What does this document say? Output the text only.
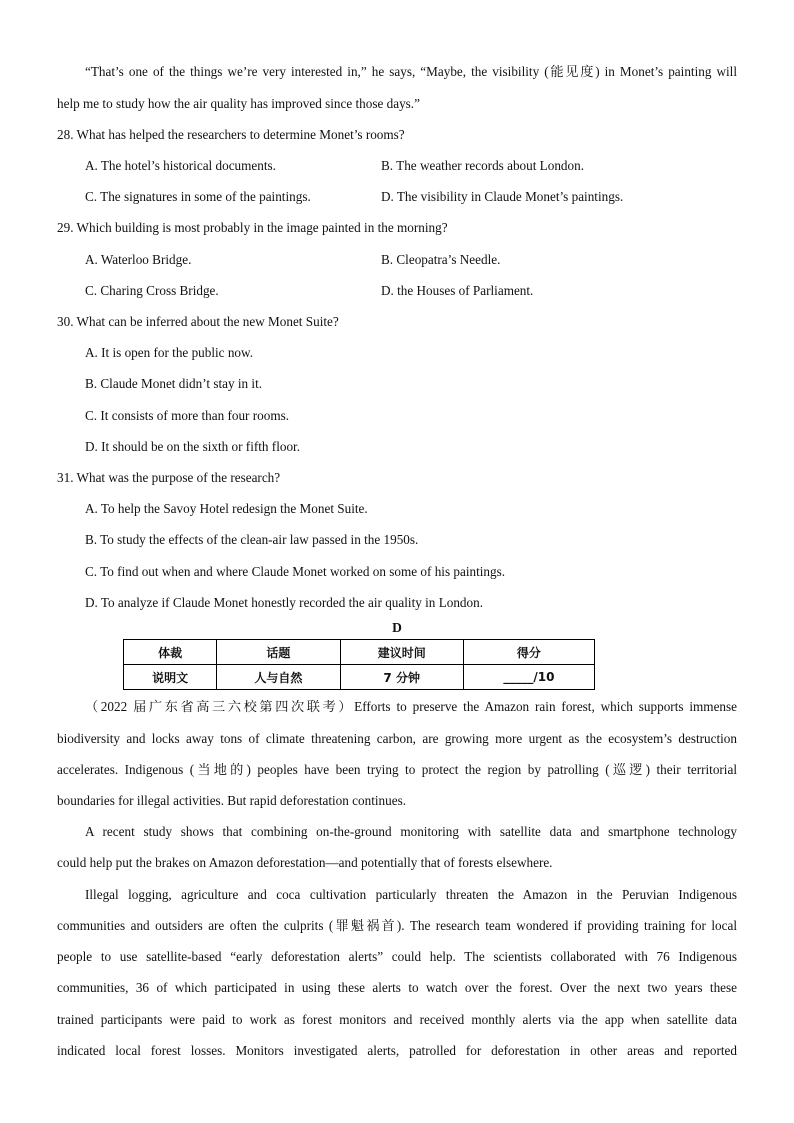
“That’s one of the things we’re very interested in,” he says, “Maybe, the visibility (能见度) in Monet’s painting will
help me to study how the air quality has improved since those days.”
28. What has helped the researchers to determine Monet’s rooms?
A. The hotel’s historical documents.	B. The weather records about London.
C. The signatures in some of the paintings.	D. The visibility in Claude Monet’s paintings.
29. Which building is most probably in the image painted in the morning?
A. Waterloo Bridge.	B. Cleopatra’s Needle.
C. Charing Cross Bridge.	D. the Houses of Parliament.
30. What can be inferred about the new Monet Suite?
A. It is open for the public now.
B. Claude Monet didn’t stay in it.
C. It consists of more than four rooms.
D. It should be on the sixth or fifth floor.
31. What was the purpose of the research?
A. To help the Savoy Hotel redesign the Monet Suite.
B. To study the effects of the clean-air law passed in the 1950s.
C. To find out when and where Claude Monet worked on some of his paintings.
D. To analyze if Claude Monet honestly recorded the air quality in London.
D
体裁	话题	建议时间	得分
说明文	人与自然	7 分钟	_____/10
（2022 届广东省高三六校第四次联考）Efforts to preserve the Amazon rain forest, which supports immense
biodiversity and locks away tons of climate threatening carbon, are growing more urgent as the ecosystem’s destruction
accelerates. Indigenous (当地的) peoples have been trying to protect the region by patrolling (巡逻) their territorial
boundaries for illegal activities. But rapid deforestation continues.
A recent study shows that combining on-the-ground monitoring with satellite data and smartphone technology
could help put the brakes on Amazon deforestation—and potentially that of forests elsewhere.
Illegal logging, agriculture and coca cultivation particularly threaten the Amazon in the Peruvian Indigenous
communities and outsiders are often the culprits (罪魁祸首). The research team wondered if providing training for local
people to use satellite-based “early deforestation alerts” could help. The scientists collaborated with 76 Indigenous
communities, 36 of which participated in using these alerts to watch over the forest. Over the next two years these
trained participants were paid to work as forest monitors and received monthly alerts via the app when satellite data
indicated local forest losses. Monitors investigated alerts, patrolled for deforestation in other areas and reported
